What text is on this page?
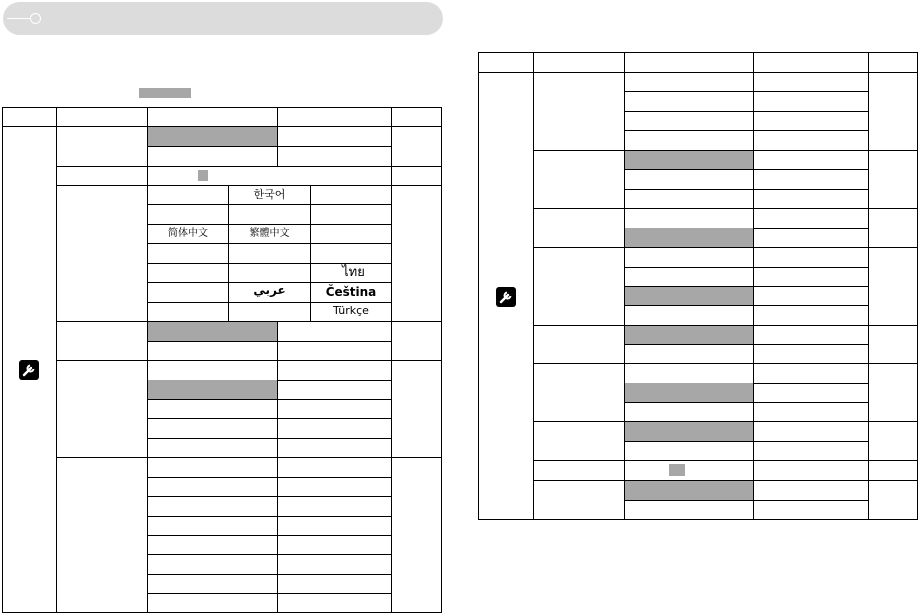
한국어
简体中文	繁體中文
ไทย
عربي	Čeština
Türkçe
